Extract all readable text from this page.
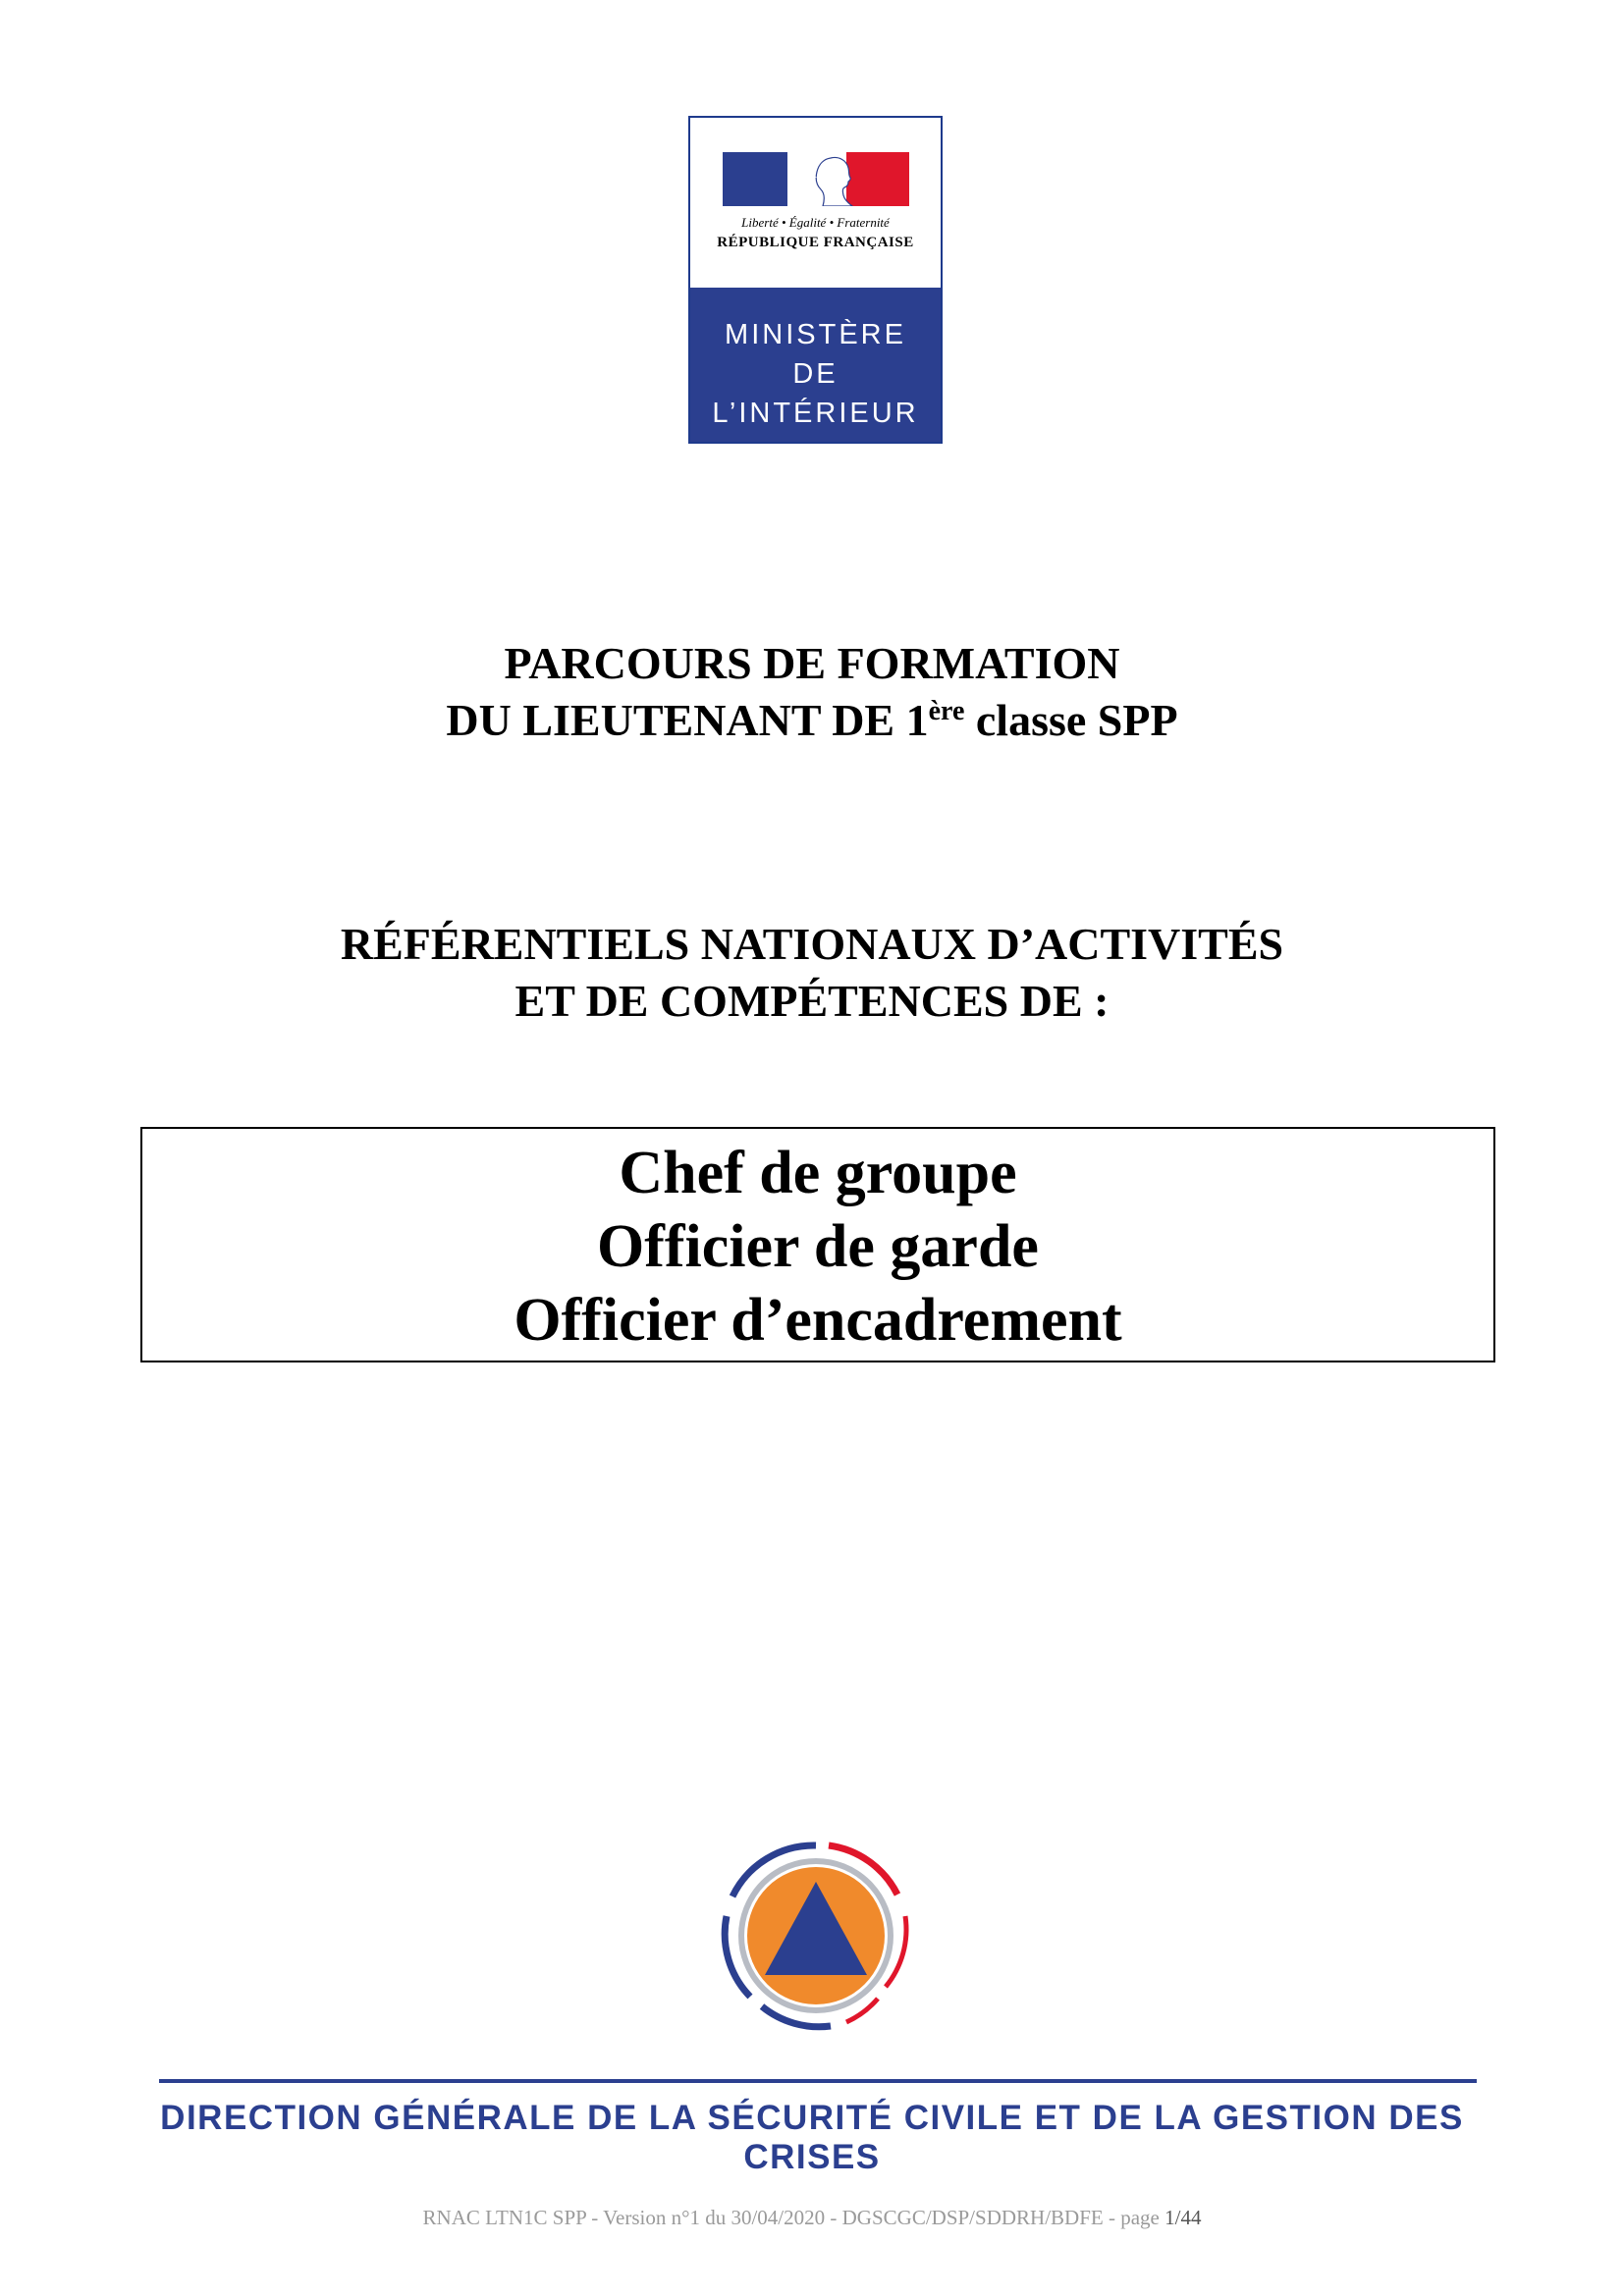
Liberté • Égalité • Fraternité
RÉPUBLIQUE FRANÇAISE
MINISTÈRE
DE
L’INTÉRIEUR
PARCOURS DE FORMATION
DU LIEUTENANT DE 1ère classe SPP
RÉFÉRENTIELS NATIONAUX D’ACTIVITÉS
ET DE COMPÉTENCES DE :
Chef de groupe
Officier de garde
Officier d’encadrement
DIRECTION GÉNÉRALE DE LA SÉCURITÉ CIVILE ET DE LA GESTION DES CRISES
RNAC LTN1C SPP - Version n°1 du 30/04/2020 - DGSCGC/DSP/SDDRH/BDFE - page 1/44
